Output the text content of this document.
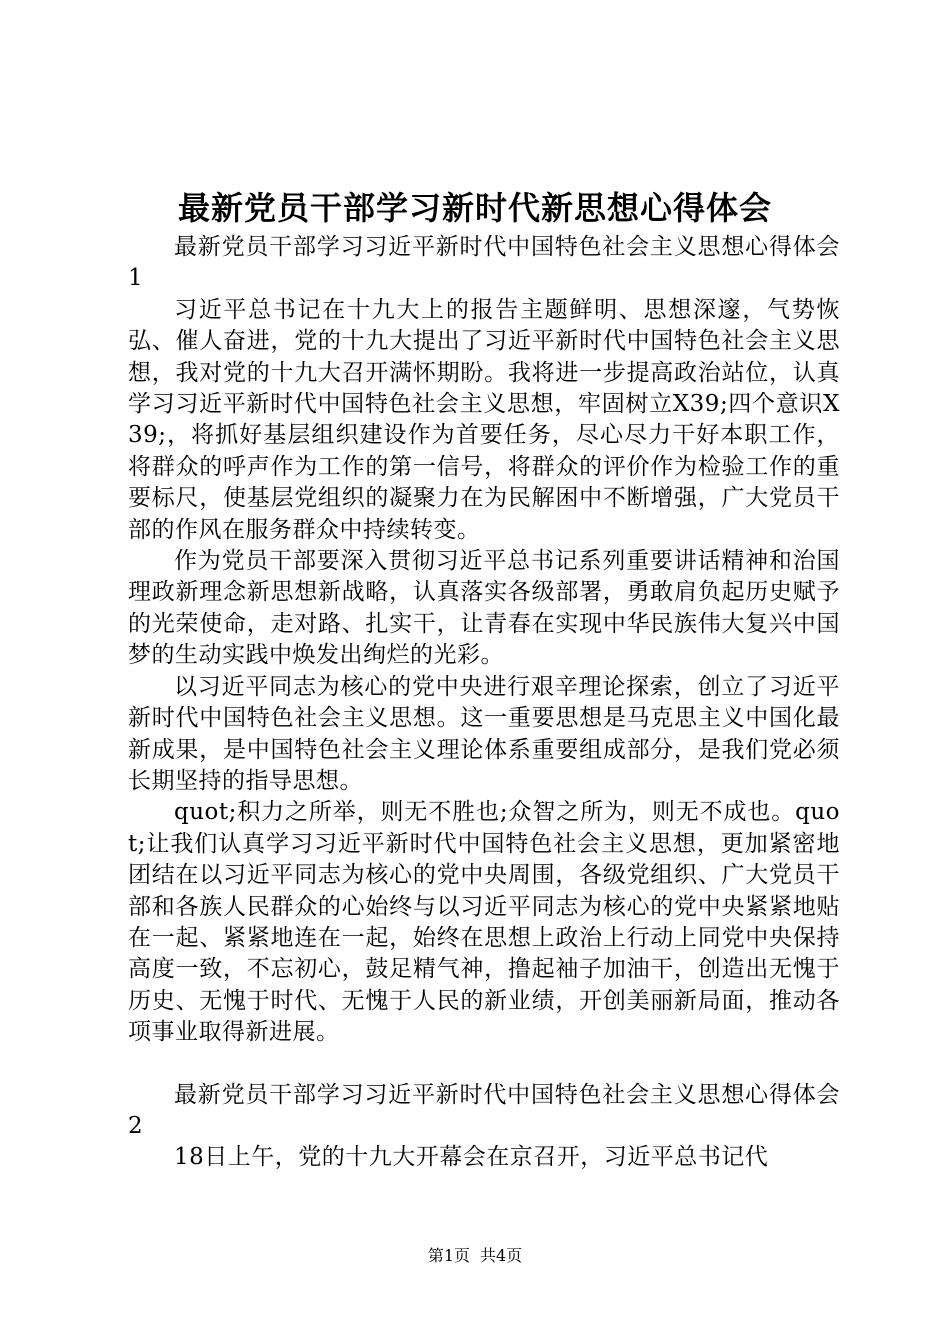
最新党员干部学习新时代新思想心得体会

最新党员干部学习习近平新时代中国特色社会主义思想心得体会1

习近平总书记在十九大上的报告主题鲜明、思想深邃，气势恢弘、催人奋进，党的十九大提出了习近平新时代中国特色社会主义思想，我对党的十九大召开满怀期盼。我将进一步提高政治站位，认真学习习近平新时代中国特色社会主义思想，牢固树立X39;四个意识X39;，将抓好基层组织建设作为首要任务，尽心尽力干好本职工作，将群众的呼声作为工作的第一信号，将群众的评价作为检验工作的重要标尺，使基层党组织的凝聚力在为民解困中不断增强，广大党员干部的作风在服务群众中持续转变。

作为党员干部要深入贯彻习近平总书记系列重要讲话精神和治国理政新理念新思想新战略，认真落实各级部署，勇敢肩负起历史赋予的光荣使命，走对路、扎实干，让青春在实现中华民族伟大复兴中国梦的生动实践中焕发出绚烂的光彩。

以习近平同志为核心的党中央进行艰辛理论探索，创立了习近平新时代中国特色社会主义思想。这一重要思想是马克思主义中国化最新成果，是中国特色社会主义理论体系重要组成部分，是我们党必须长期坚持的指导思想。

quot;积力之所举，则无不胜也;众智之所为，则无不成也。quot;让我们认真学习习近平新时代中国特色社会主义思想，更加紧密地团结在以习近平同志为核心的党中央周围，各级党组织、广大党员干部和各族人民群众的心始终与以习近平同志为核心的党中央紧紧地贴在一起、紧紧地连在一起，始终在思想上政治上行动上同党中央保持高度一致，不忘初心，鼓足精气神，撸起袖子加油干，创造出无愧于历史、无愧于时代、无愧于人民的新业绩，开创美丽新局面，推动各项事业取得新进展。

最新党员干部学习习近平新时代中国特色社会主义思想心得体会2

18日上午，党的十九大开幕会在京召开，习近平总书记代

第1页 共4页
